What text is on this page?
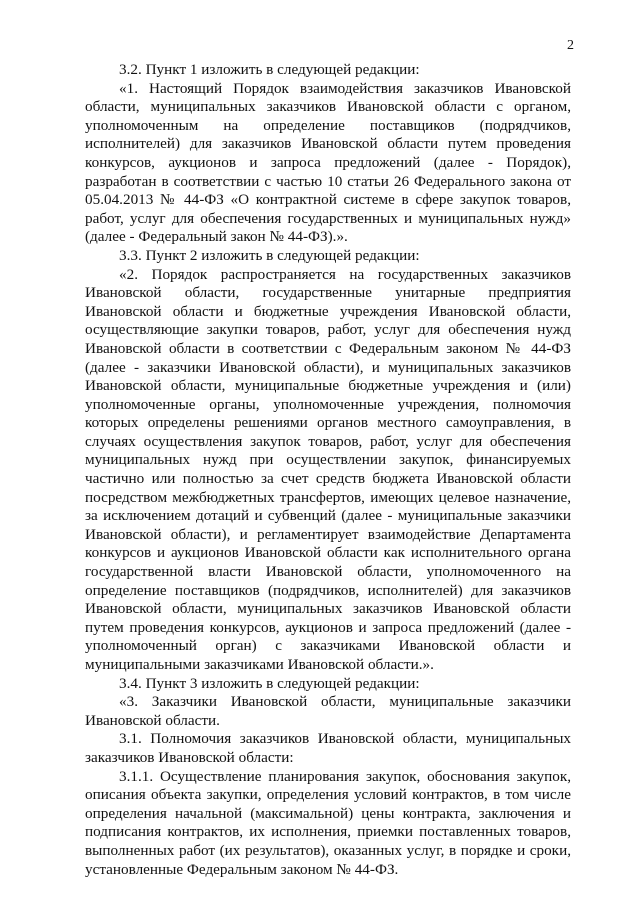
2

3.2. Пункт 1 изложить в следующей редакции:

«1. Настоящий Порядок взаимодействия заказчиков Ивановской области, муниципальных заказчиков Ивановской области с органом, уполномоченным на определение поставщиков (подрядчиков, исполнителей) для заказчиков Ивановской области путем проведения конкурсов, аукционов и запроса предложений (далее - Порядок), разработан в соответствии с частью 10 статьи 26 Федерального закона от 05.04.2013 № 44-ФЗ «О контрактной системе в сфере закупок товаров, работ, услуг для обеспечения государственных и муниципальных нужд» (далее - Федеральный закон № 44-ФЗ).».

3.3. Пункт 2 изложить в следующей редакции:

«2. Порядок распространяется на государственных заказчиков Ивановской области, государственные унитарные предприятия Ивановской области и бюджетные учреждения Ивановской области, осуществляющие закупки товаров, работ, услуг для обеспечения нужд Ивановской области в соответствии с Федеральным законом № 44-ФЗ (далее - заказчики Ивановской области), и муниципальных заказчиков Ивановской области, муниципальные бюджетные учреждения и (или) уполномоченные органы, уполномоченные учреждения, полномочия которых определены решениями органов местного самоуправления, в случаях осуществления закупок товаров, работ, услуг для обеспечения муниципальных нужд при осуществлении закупок, финансируемых частично или полностью за счет средств бюджета Ивановской области посредством межбюджетных трансфертов, имеющих целевое назначение, за исключением дотаций и субвенций (далее - муниципальные заказчики Ивановской области), и регламентирует взаимодействие Департамента конкурсов и аукционов Ивановской области как исполнительного органа государственной власти Ивановской области, уполномоченного на определение поставщиков (подрядчиков, исполнителей) для заказчиков Ивановской области, муниципальных заказчиков Ивановской области путем проведения конкурсов, аукционов и запроса предложений (далее - уполномоченный орган) с заказчиками Ивановской области и муниципальными заказчиками Ивановской области.».

3.4. Пункт 3 изложить в следующей редакции:

«3. Заказчики Ивановской области, муниципальные заказчики Ивановской области.

3.1. Полномочия заказчиков Ивановской области, муниципальных заказчиков Ивановской области:

3.1.1. Осуществление планирования закупок, обоснования закупок, описания объекта закупки, определения условий контрактов, в том числе определения начальной (максимальной) цены контракта, заключения и подписания контрактов, их исполнения, приемки поставленных товаров, выполненных работ (их результатов), оказанных услуг, в порядке и сроки, установленные Федеральным законом № 44-ФЗ.
